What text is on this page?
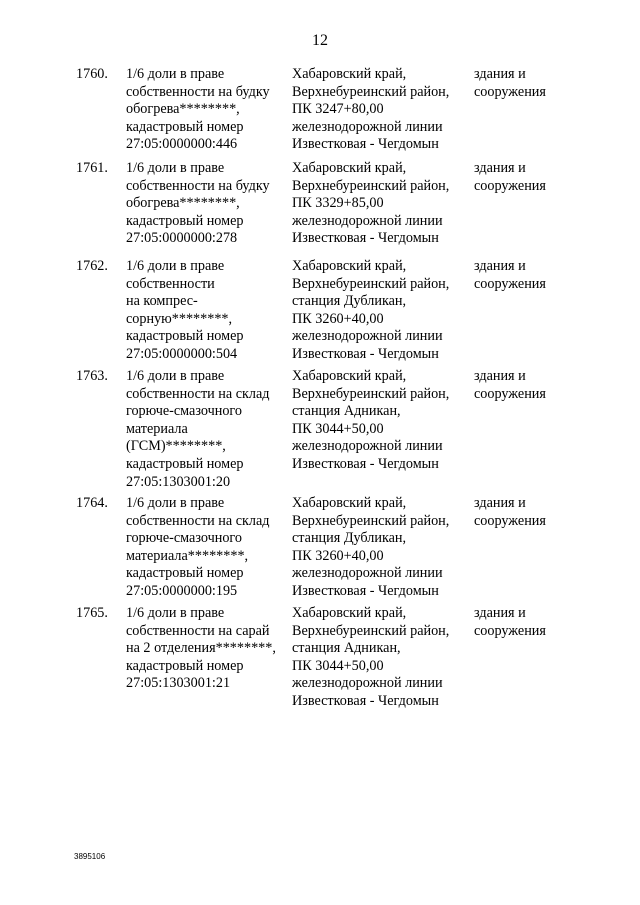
12
1760. 1/6 доли в праве
собственности на будку
обогрева********,
кадастровый номер
27:05:0000000:446
Хабаровский край,
Верхнебуреинский район,
ПК 3247+80,00
железнодорожной линии
Известковая - Чегдомын
здания и
сооружения
1761. 1/6 доли в праве
собственности на будку
обогрева********,
кадастровый номер
27:05:0000000:278
Хабаровский край,
Верхнебуреинский район,
ПК 3329+85,00
железнодорожной линии
Известковая - Чегдомын
здания и
сооружения
1762. 1/6 доли в праве
собственности
на компрес-
сорную********,
кадастровый номер
27:05:0000000:504
Хабаровский край,
Верхнебуреинский район,
станция Дубликан,
ПК 3260+40,00
железнодорожной линии
Известковая - Чегдомын
здания и
сооружения
1763. 1/6 доли в праве
собственности на склад
горюче-смазочного
материала
(ГСМ)********,
кадастровый номер
27:05:1303001:20
Хабаровский край,
Верхнебуреинский район,
станция Адникан,
ПК 3044+50,00
железнодорожной линии
Известковая - Чегдомын
здания и
сооружения
1764. 1/6 доли в праве
собственности на склад
горюче-смазочного
материала********,
кадастровый номер
27:05:0000000:195
Хабаровский край,
Верхнебуреинский район,
станция Дубликан,
ПК 3260+40,00
железнодорожной линии
Известковая - Чегдомын
здания и
сооружения
1765. 1/6 доли в праве
собственности на сарай
на 2 отделения********,
кадастровый номер
27:05:1303001:21
Хабаровский край,
Верхнебуреинский район,
станция Адникан,
ПК 3044+50,00
железнодорожной линии
Известковая - Чегдомын
здания и
сооружения
3895106
